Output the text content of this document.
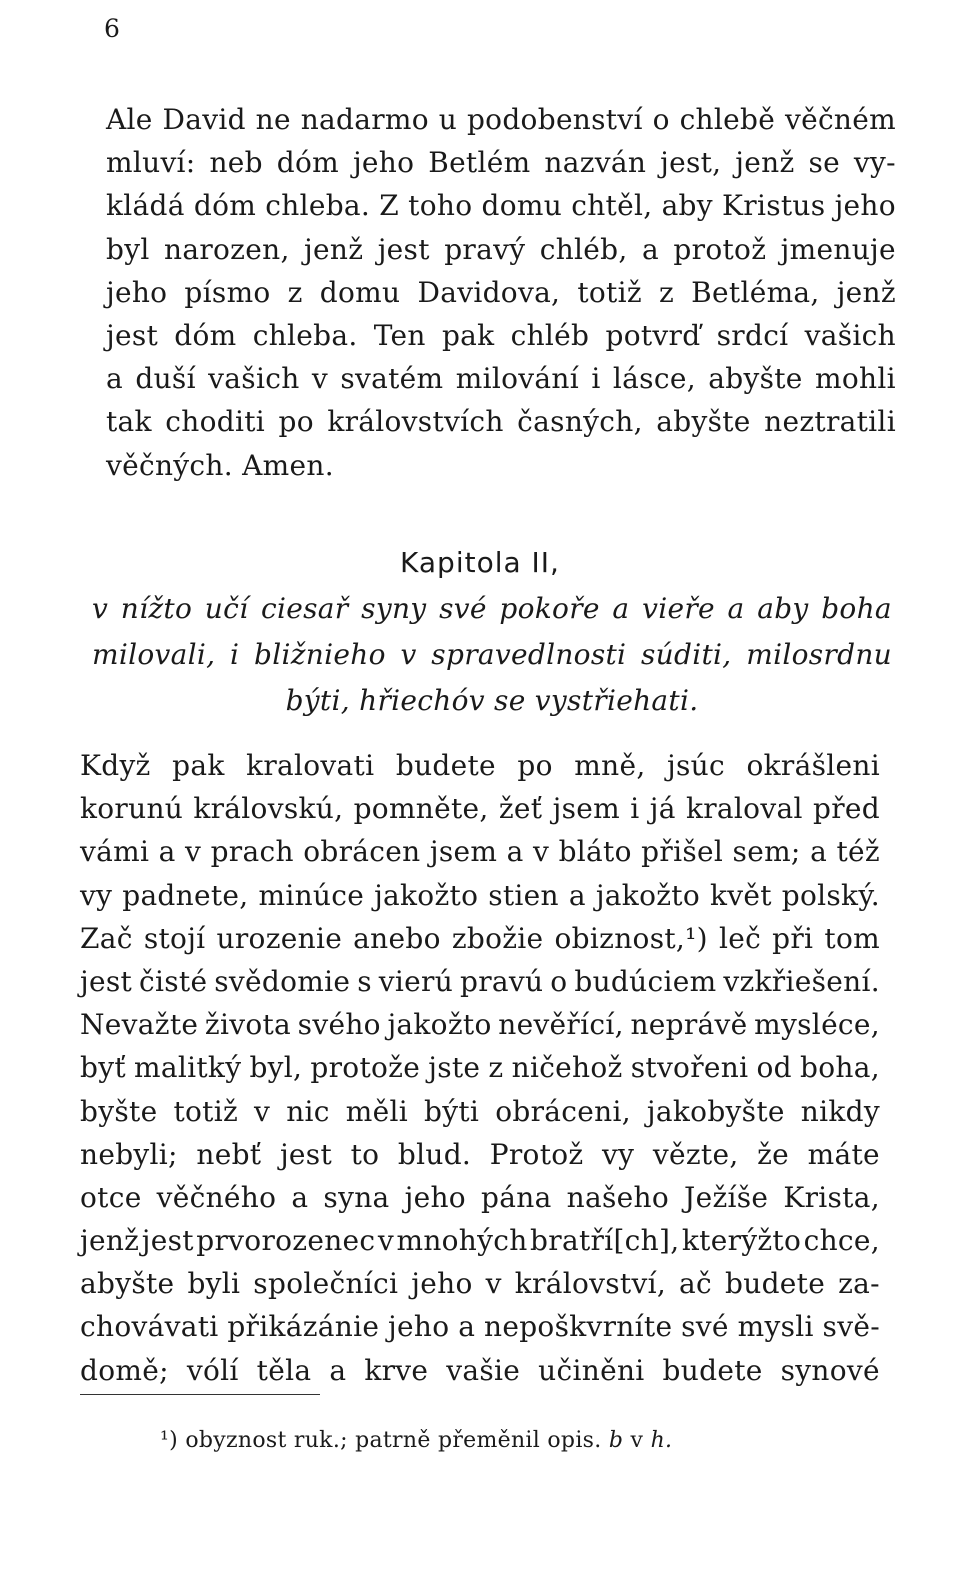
6
Ale David ne nadarmo u podobenství o chlebě věčném
mluví: neb dóm jeho Betlém nazván jest, jenž se vy-
kládá dóm chleba. Z toho domu chtěl, aby Kristus jeho
byl narozen, jenž jest pravý chléb, a protož jmenuje
jeho písmo z domu Davidova, totiž z Betléma, jenž
jest dóm chleba. Ten pak chléb potvrď srdcí vašich
a duší vašich v svatém milování i lásce, abyšte mohli
tak choditi po královstvích časných, abyšte neztratili
věčných. Amen.
Kapitola II,
v nížto učí ciesař syny své pokoře a vieře a aby boha
milovali, i bližnieho v spravedlnosti súditi, milosrdnu
býti, hřiechóv se vystřiehati.
Když pak kralovati budete po mně, jsúc okrášleni
korunú královskú, pomněte, žeť jsem i já kraloval před
vámi a v prach obrácen jsem a v bláto přišel sem; a též
vy padnete, minúce jakožto stien a jakožto květ polský.
Zač stojí urozenie anebo zbožie obiznost,¹) leč při tom
jest čisté svědomie s vierú pravú o budúciem vzkřiešení.
Nevažte života svého jakožto nevěřící, neprávě mysléce,
byť malitký byl, protože jste z ničehož stvořeni od boha,
byšte totiž v nic měli býti obráceni, jakobyšte nikdy
nebyli; nebť jest to blud. Protož vy vězte, že máte
otce věčného a syna jeho pána našeho Ježíše Krista,
jenž jest prvorozenec v mnohých bratří[ch], kterýžto chce,
abyšte byli společníci jeho v království, ač budete za-
chovávati přikázánie jeho a nepoškvrníte své mysli svě-
domě; vólí těla a krve vašie učiněni budete synové
¹) obyznost ruk.; patrně přeměnil opis. b v h.
